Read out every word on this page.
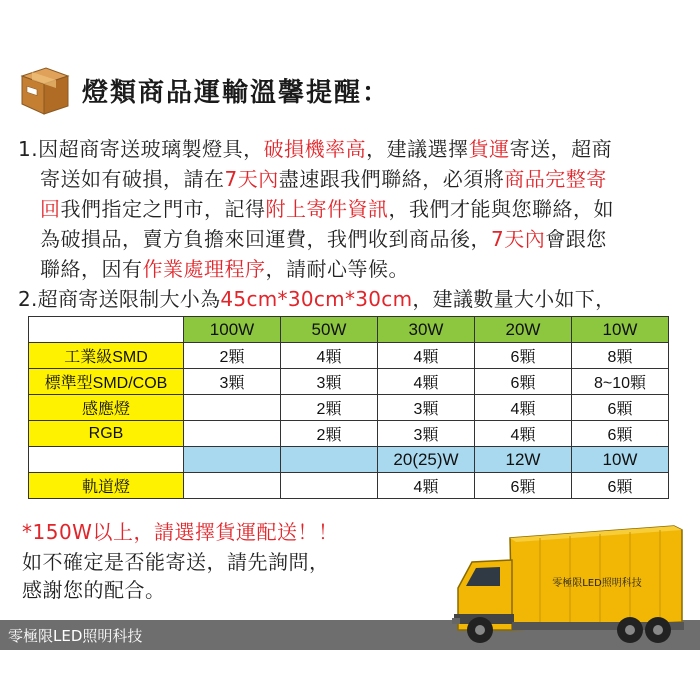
燈類商品運輸溫馨提醒：
1.因超商寄送玻璃製燈具，破損機率高，建議選擇貨運寄送，超商
寄送如有破損，請在7天內盡速跟我們聯絡，必須將商品完整寄
回我們指定之門市，記得附上寄件資訊，我們才能與您聯絡，如
為破損品，賣方負擔來回運費，我們收到商品後，7天內會跟您
聯絡，因有作業處理程序，請耐心等候。
2.超商寄送限制大小為45cm*30cm*30cm，建議數量大小如下，
	100W	50W	30W	20W	10W
工業級SMD	2顆	4顆	4顆	6顆	8顆
標準型SMD/COB	3顆	3顆	4顆	6顆	8~10顆
感應燈		2顆	3顆	4顆	6顆
RGB		2顆	3顆	4顆	6顆
			20(25)W	12W	10W
軌道燈			4顆	6顆	6顆
*150W以上，請選擇貨運配送！！
如不確定是否能寄送，請先詢問，
感謝您的配合。
零極限LED照明科技
零極限LED照明科技
